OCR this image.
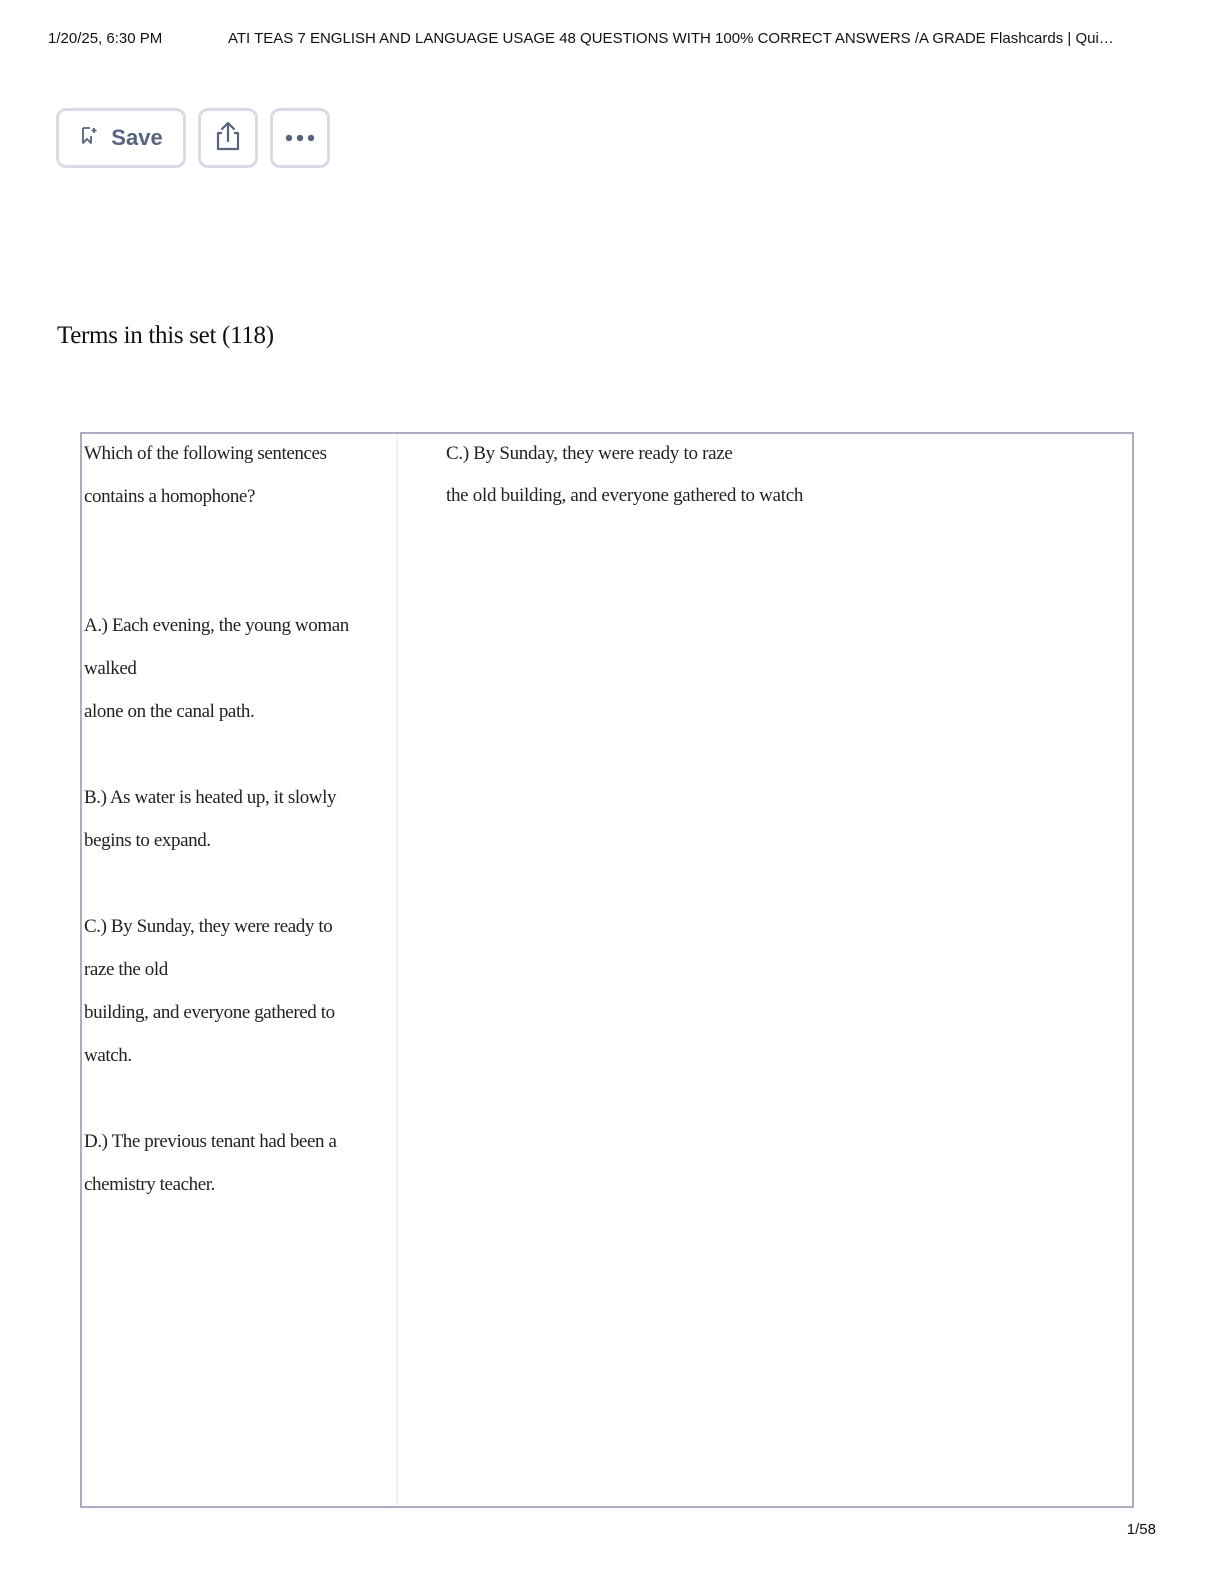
1/20/25, 6:30 PM	ATI TEAS 7 ENGLISH AND LANGUAGE USAGE 48 QUESTIONS WITH 100% CORRECT ANSWERS /A GRADE Flashcards | Qui…
Save
Terms in this set (118)
Which of the following sentences
contains a homophone?
A.) Each evening, the young woman
walked
alone on the canal path.
B.) As water is heated up, it slowly
begins to expand.
C.) By Sunday, they were ready to
raze the old
building, and everyone gathered to
watch.
D.) The previous tenant had been a
chemistry teacher.
C.) By Sunday, they were ready to raze
the old building, and everyone gathered to watch
1/58
